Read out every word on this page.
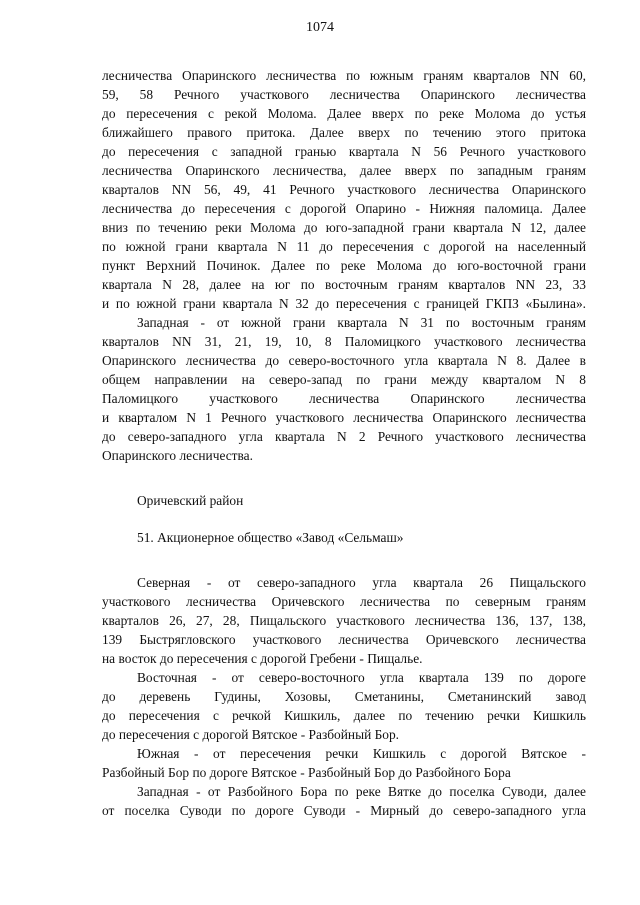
1074
лесничества Опаринского лесничества по южным граням кварталов NN 60,
59, 58 Речного участкового лесничества Опаринского лесничества
до пересечения с рекой Молома. Далее вверх по реке Молома до устья
ближайшего правого притока. Далее вверх по течению этого притока
до пересечения с западной гранью квартала N 56 Речного участкового
лесничества Опаринского лесничества, далее вверх по западным граням
кварталов NN 56, 49, 41 Речного участкового лесничества Опаринского
лесничества до пересечения с дорогой Опарино - Нижняя паломица. Далее
вниз по течению реки Молома до юго-западной грани квартала N 12, далее
по южной грани квартала N 11 до пересечения с дорогой на населенный
пункт Верхний Починок. Далее по реке Молома до юго-восточной грани
квартала N 28, далее на юг по восточным граням кварталов NN 23, 33
и по южной грани квартала N 32 до пересечения с границей ГКПЗ «Былина».
Западная - от южной грани квартала N 31 по восточным граням
кварталов NN 31, 21, 19, 10, 8 Паломицкого участкового лесничества
Опаринского лесничества до северо-восточного угла квартала N 8. Далее в
общем направлении на северо-запад по грани между кварталом N 8
Паломицкого участкового лесничества Опаринского лесничества
и кварталом N 1 Речного участкового лесничества Опаринского лесничества
до северо-западного угла квартала N 2 Речного участкового лесничества
Опаринского лесничества.
Оричевский район
51. Акционерное общество «Завод «Сельмаш»
Северная - от северо-западного угла квартала 26 Пищальского
участкового лесничества Оричевского лесничества по северным граням
кварталов 26, 27, 28, Пищальского участкового лесничества 136, 137, 138,
139 Быстрягловского участкового лесничества Оричевского лесничества
на восток до пересечения с дорогой Гребени - Пищалье.
Восточная - от северо-восточного угла квартала 139 по дороге
до деревень Гудины, Хозовы, Сметанины, Сметанинский завод
до пересечения с речкой Кишкиль, далее по течению речки Кишкиль
до пересечения с дорогой Вятское - Разбойный Бор.
Южная - от пересечения речки Кишкиль с дорогой Вятское -
Разбойный Бор по дороге Вятское - Разбойный Бор до Разбойного Бора
Западная - от Разбойного Бора по реке Вятке до поселка Суводи, далее
от поселка Суводи по дороге Суводи - Мирный до северо-западного угла
